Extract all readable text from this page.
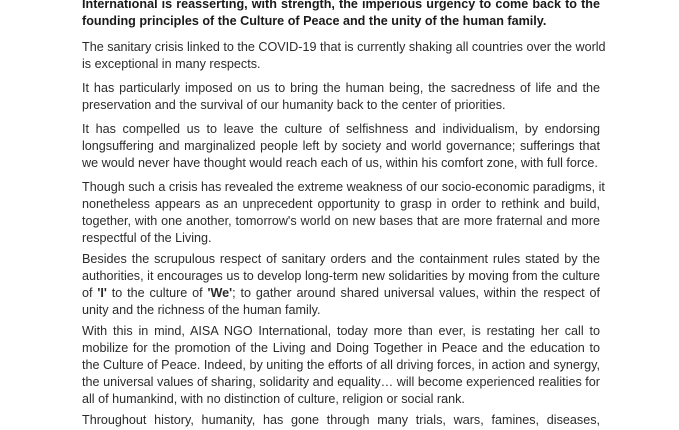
International is reasserting, with strength, the imperious urgency to come back to the
founding principles of the Culture of Peace and the unity of the human family.

The sanitary crisis linked to the COVID-19 that is currently shaking all countries over the world
is exceptional in many respects.

It has particularly imposed on us to bring the human being, the sacredness of life and the
preservation and the survival of our humanity back to the center of priorities.

It has compelled us to leave the culture of selfishness and individualism, by endorsing
longsuffering and marginalized people left by society and world governance; sufferings that
we would never have thought would reach each of us, within his comfort zone, with full force.

Though such a crisis has revealed the extreme weakness of our socio-economic paradigms, it
nonetheless appears as an unprecedent opportunity to grasp in order to rethink and build,
together, with one another, tomorrow's world on new bases that are more fraternal and more
respectful of the Living.

Besides the scrupulous respect of sanitary orders and the containment rules stated by the
authorities, it encourages us to develop long-term new solidarities by moving from the culture
of 'I' to the culture of 'We'; to gather around shared universal values, within the respect of
unity and the richness of the human family.

With this in mind, AISA NGO International, today more than ever, is restating her call to
mobilize for the promotion of the Living and Doing Together in Peace and the education to
the Culture of Peace. Indeed, by uniting the efforts of all driving forces, in action and synergy,
the universal values of sharing, solidarity and equality… will become experienced realities for
all of humankind, with no distinction of culture, religion or social rank.

Throughout history, humanity, has gone through many trials, wars, famines, diseases,
